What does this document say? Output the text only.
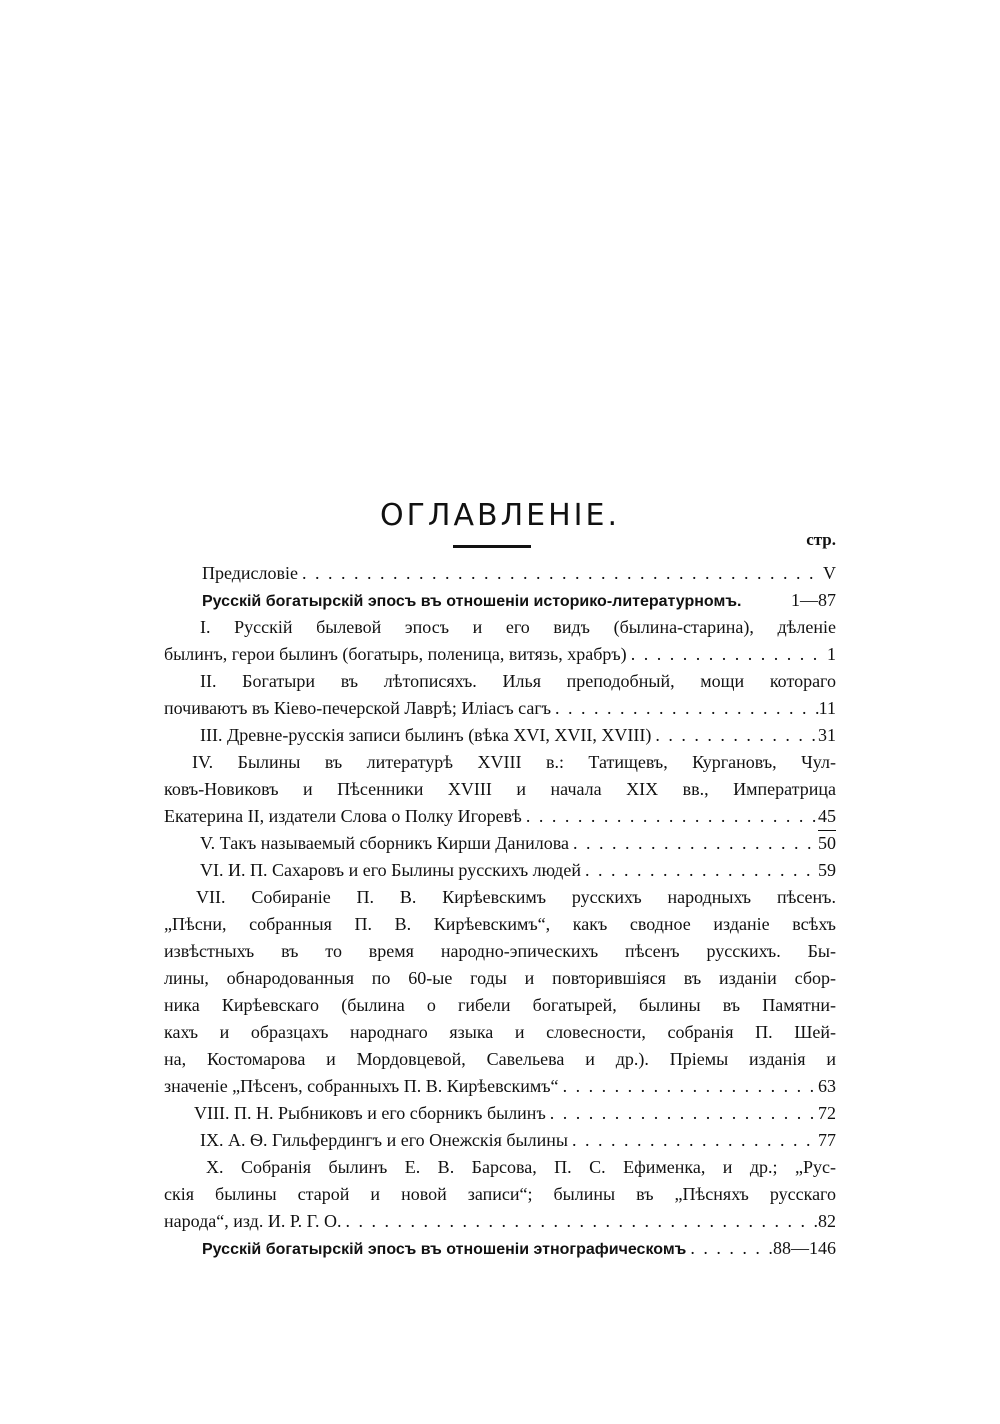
ОГЛАВЛЕНІЕ.
стр.
Предисловіе . . .	V
Русскій богатырскій эпосъ въ отношеніи историко-литературномъ.	1—87
I. Русскій былевой эпосъ и его видъ (былина-старина), дѣленіе
былинъ, герои былинъ (богатырь, поленица, витязь, храбръ) . . .	1
II. Богатыри въ лѣтописяхъ. Илья преподобный, мощи котораго
почиваютъ въ Кіево-печерской Лаврѣ; Иліасъ сагъ . . .	11
III. Древне-русскія записи былинъ (вѣка XVI, XVII, XVIII) . . .	31
IV. Былины въ литературѣ XVIII в.: Татищевъ, Кургановъ, Чул-
ковъ-Новиковъ и Пѣсенники XVIII и начала XIX вв., Императрица
Екатерина II, издатели Слова о Полку Игоревѣ . . .	45
V. Такъ называемый сборникъ Кирши Данилова . . .	50
VI. И. П. Сахаровъ и его Былины русскихъ людей . . .	59
VII. Собираніе П. В. Кирѣевскимъ русскихъ народныхъ пѣсенъ.
„Пѣсни, собранныя П. В. Кирѣевскимъ“, какъ сводное изданіе всѣхъ
извѣстныхъ въ то время народно-эпическихъ пѣсенъ русскихъ. Бы-
лины, обнародованныя по 60-ые годы и повторившіяся въ изданіи сбор-
ника Кирѣевскаго (былина о гибели богатырей, былины въ Памятни-
кахъ и образцахъ народнаго языка и словесности, собранія П. Шей-
на, Костомарова и Мордовцевой, Савельева и др.). Пріемы изданія и
значеніе „Пѣсенъ, собранныхъ П. В. Кирѣевскимъ“ . . .	63
VIII. П. Н. Рыбниковъ и его сборникъ былинъ . . .	72
IX. А. Ѳ. Гильфердингъ и его Онежскія былины . . .	77
X. Собранія былинъ Е. В. Барсова, П. С. Ефименка, и др.; „Рус-
скія былины старой и новой записи“; былины въ „Пѣсняхъ русскаго
народа“, изд. И. Р. Г. О. . . .	82
Русскій богатырскій эпосъ въ отношеніи этнографическомъ . . .	88—146
